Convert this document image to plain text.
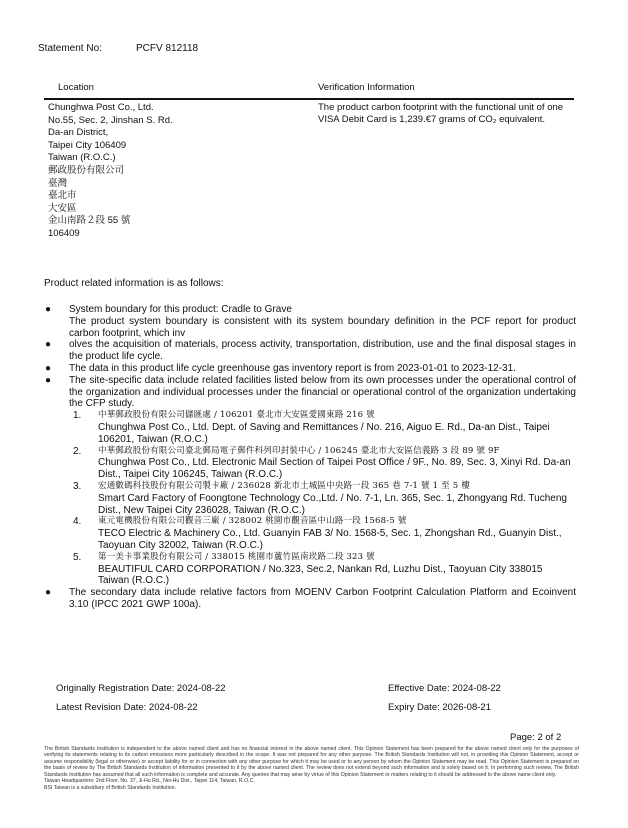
Statement No:	PCFV 812118
Location	Verification Information
Chunghwa Post Co., Ltd.
No.55, Sec. 2, Jinshan S. Rd.
Da-an District,
Taipei City 106409
Taiwan (R.O.C.)
郵政股份有限公司
臺灣
臺北市
大安區
金山南路２段 55 號
106409
The product carbon footprint with the functional unit of one VISA Debit Card is 1,239.€7 grams of CO₂ equivalent.
Product related information is as follows:
● System boundary for this product: Cradle to Grave
The product system boundary is consistent with its system boundary definition in the PCF report for product carbon footprint, which inv
● olves the acquisition of materials, process activity, transportation, distribution, use and the final disposal stages in the product life cycle.
● The data in this product life cycle greenhouse gas inventory report is from 2023-01-01 to 2023-12-31.
● The site-specific data include related facilities listed below from its own processes under the operational control of the organization and individual processes under the financial or operational control of the organization undertaking the CFP study.
1. 中華郵政股份有限公司儲匯處 / 106201 臺北市大安區愛國東路 216 號
Chunghwa Post Co., Ltd. Dept. of Saving and Remittances / No. 216, Aiguo E. Rd., Da-an Dist., Taipei 106201, Taiwan (R.O.C.)
2. 中華郵政股份有限公司臺北郵局電子郵件科列印封裝中心 / 106245 臺北市大安區信義路 3 段 89 號 9F
Chunghwa Post Co., Ltd. Electronic Mail Section of Taipei Post Office / 9F., No. 89, Sec. 3, Xinyi Rd. Da-an Dist., Taipei City 106245, Taiwan (R.O.C.)
3. 宏通數碼科技股份有限公司製卡廠 / 236028 新北市土城區中央路一段 365 巷 7-1 號 1 至 5 樓
Smart Card Factory of Foongtone Technology Co.,Ltd. / No. 7-1, Ln. 365, Sec. 1, Zhongyang Rd. Tucheng Dist., New Taipei City 236028, Taiwan (R.O.C.)
4. 東元電機股份有限公司觀音三廠 / 328002 桃園市觀音區中山路一段 1568-5 號
TECO Electric & Machinery Co., Ltd. Guanyin FAB 3/ No. 1568-5, Sec. 1, Zhongshan Rd., Guanyin Dist., Taoyuan City 32002, Taiwan (R.O.C.)
5. 第一美卡事業股份有限公司 / 338015 桃園市蘆竹區南崁路二段 323 號
BEAUTIFUL CARD CORPORATION / No.323, Sec.2, Nankan Rd, Luzhu Dist., Taoyuan City 338015 Taiwan (R.O.C.)
● The secondary data include relative factors from MOENV Carbon Footprint Calculation Platform and Ecoinvent 3.10 (IPCC 2021 GWP 100a).
Originally Registration Date: 2024-08-22
Latest Revision Date: 2024-08-22
Effective Date: 2024-08-22
Expiry Date: 2026-08-21
Page: 2 of 2
The British Standards Institution is independent to the above named client and has no financial interest in the above named client. This Opinion Statement has been prepared for the above named client only for the purposes of verifying its statements relating to its carbon emissions more particularly described in the scope. It was not prepared for any other purpose. The British Standards Institution will not, in providing this Opinion Statement, accept or assume responsibility (legal or otherwise) or accept liability for or in connection with any other purpose for which it may be used or to any person by whom the Opinion Statement may be read. This Opinion Statement is prepared on the basis of review by The British Standards Institution of information presented to it by the above named client. The review does not extend beyond such information and is solely based on it. In performing such review, The British Standards Institution has assumed that all such information is complete and accurate. Any queries that may arise by virtue of this Opinion Statement or matters relating to it should be addressed to the above name client only.
Taiwan Headquarters: 2nd Floor, No. 37, Ji-Hu Rd., Nei-Hu Dist., Taipei 114, Taiwan, R.O.C.
BSI Taiwan is a subsidiary of British Standards Institution.
